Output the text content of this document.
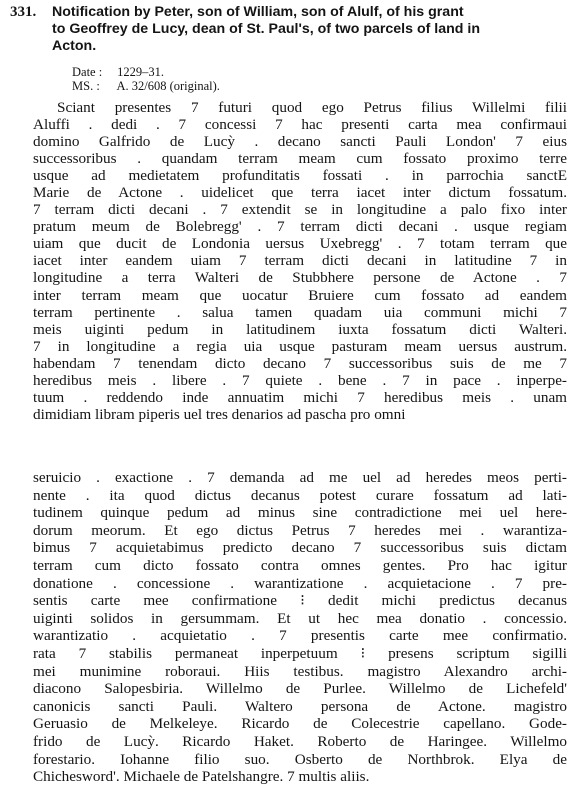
331. Notification by Peter, son of William, son of Alulf, of his grant
to Geoffrey de Lucy, dean of St. Paul's, of two parcels of land in
Acton.
Date : 1229–31.
MS. : A. 32/608 (original).
Sciant presentes 7 futuri quod ego Petrus filius Willelmi filii
Aluffi . dedi . 7 concessi 7 hac presenti carta mea confirmaui
domino Galfrido de Lucỳ . decano sancti Pauli London' 7 eius
successoribus . quandam terram meam cum fossato proximo terre
usque ad medietatem profunditatis fossati . in parrochia sanctE
Marie de Actone . uidelicet que terra iacet inter dictum fossatum.
7 terram dicti decani . 7 extendit se in longitudine a palo fixo inter
pratum meum de Bolebregg' . 7 terram dicti decani . usque regiam
uiam que ducit de Londonia uersus Uxebregg' . 7 totam terram que
iacet inter eandem uiam 7 terram dicti decani in latitudine 7 in
longitudine a terra Walteri de Stubbhere persone de Actone . 7
inter terram meam que uocatur Bruiere cum fossato ad eandem
terram pertinente . salua tamen quadam uia communi michi 7
meis uiginti pedum in latitudinem iuxta fossatum dicti Walteri.
7 in longitudine a regia uia usque pasturam meam uersus austrum.
habendam 7 tenendam dicto decano 7 successoribus suis de me 7
heredibus meis . libere . 7 quiete . bene . 7 in pace . inperpe-
tuum . reddendo inde annuatim michi 7 heredibus meis . unam
dimidiam libram piperis uel tres denarios ad pascha pro omni
seruicio . exactione . 7 demanda ad me uel ad heredes meos perti-
nente . ita quod dictus decanus potest curare fossatum ad lati-
tudinem quinque pedum ad minus sine contradictione mei uel here-
dorum meorum. Et ego dictus Petrus 7 heredes mei . warantiza-
bimus 7 acquietabimus predicto decano 7 successoribus suis dictam
terram cum dicto fossato contra omnes gentes. Pro hac igitur
donatione . concessione . warantizatione . acquietacione . 7 pre-
sentis carte mee confirmatione ⁝ dedit michi predictus decanus
uiginti solidos in gersummam. Et ut hec mea donatio . concessio.
warantizatio . acquietatio . 7 presentis carte mee confirmatio.
rata 7 stabilis permaneat inperpetuum ⁝ presens scriptum sigilli
mei munimine roboraui. Hiis testibus. magistro Alexandro archi-
diacono Salopesbiria. Willelmo de Purlee. Willelmo de Lichefeld'
canonicis sancti Pauli. Waltero persona de Actone. magistro
Geruasio de Melkeleye. Ricardo de Colecestrie capellano. Gode-
frido de Lucỳ. Ricardo Haket. Roberto de Haringee. Willelmo
forestario. Iohanne filio suo. Osberto de Northbrok. Elya de
Chichesword'. Michaele de Patelshangre. 7 multis aliis.
